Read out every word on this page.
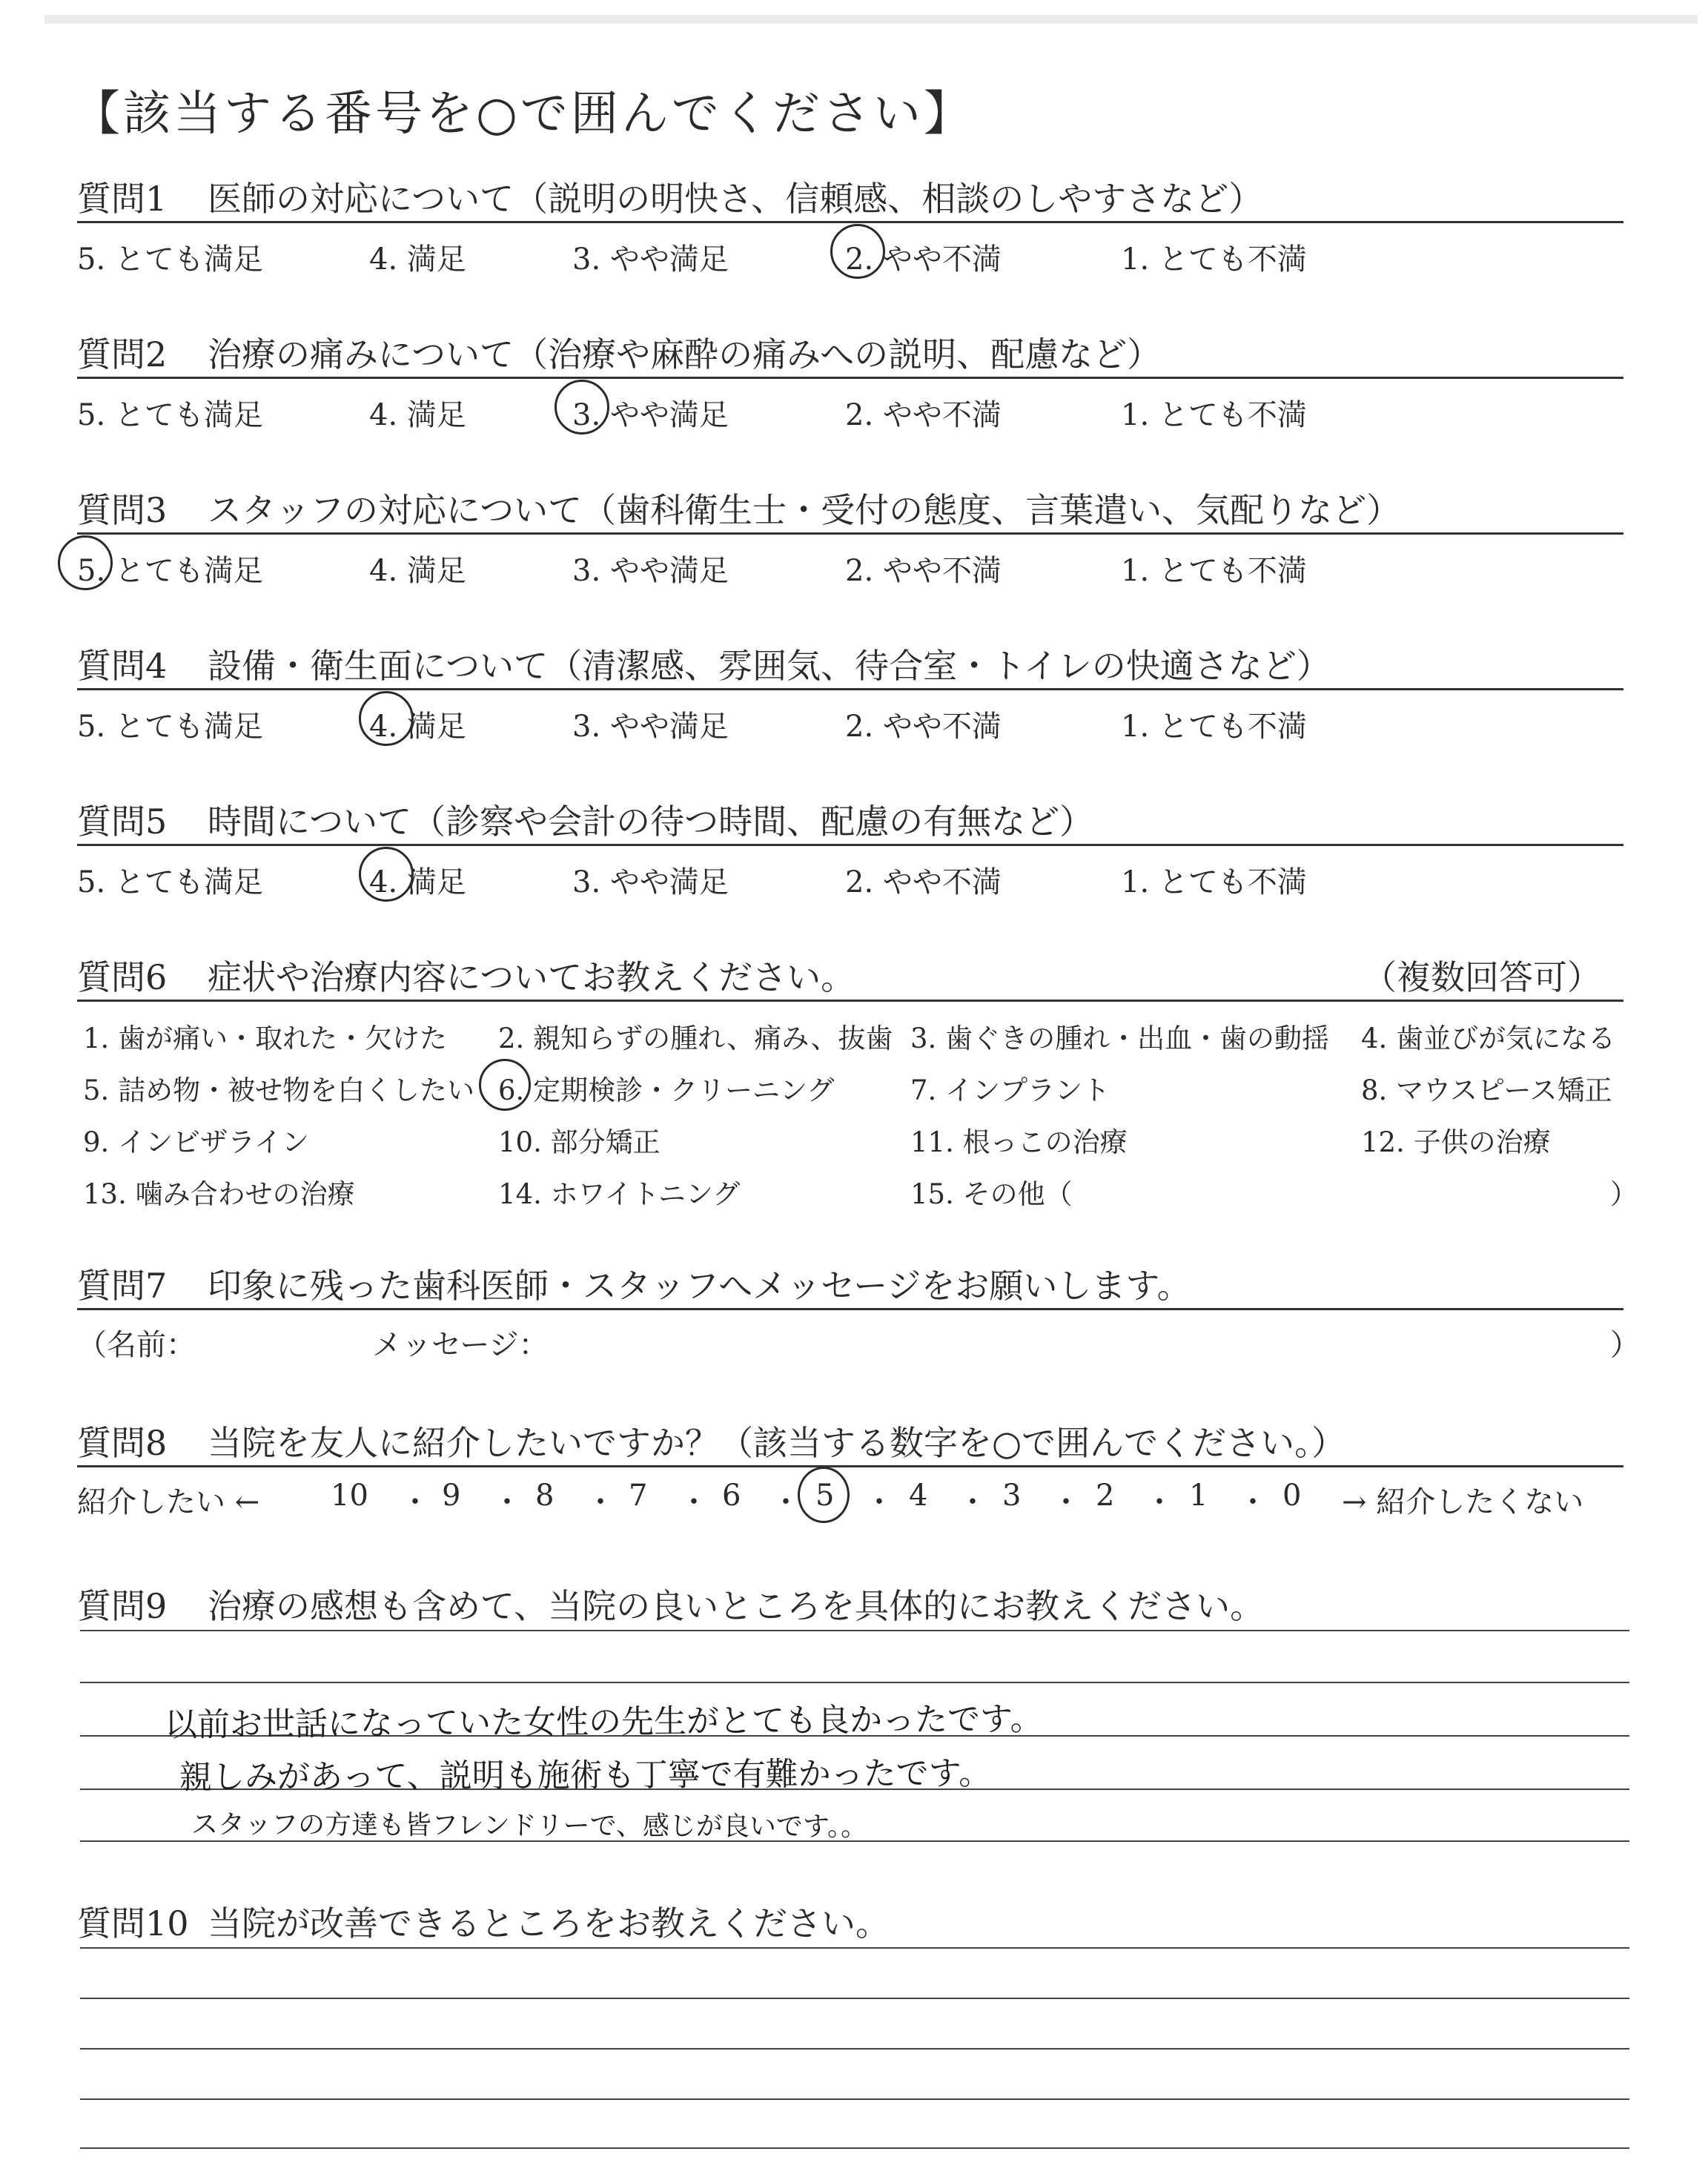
【該当する番号を○で囲んでください】
質問1 医師の対応について（説明の明快さ、信頼感、相談のしやすさなど）
5. とても満足	4. 満足	3. やや満足	2. やや不満	1. とても不満
質問2 治療の痛みについて（治療や麻酔の痛みへの説明、配慮など）
5. とても満足	4. 満足	3. やや満足	2. やや不満	1. とても不満
質問3 スタッフの対応について（歯科衛生士・受付の態度、言葉遣い、気配りなど）
5. とても満足	4. 満足	3. やや満足	2. やや不満	1. とても不満
質問4 設備・衛生面について（清潔感、雰囲気、待合室・トイレの快適さなど）
5. とても満足	4. 満足	3. やや満足	2. やや不満	1. とても不満
質問5 時間について（診察や会計の待つ時間、配慮の有無など）
5. とても満足	4. 満足	3. やや満足	2. やや不満	1. とても不満
質問6 症状や治療内容についてお教えください。	（複数回答可）
1. 歯が痛い・取れた・欠けた 2. 親知らずの腫れ、痛み、抜歯 3. 歯ぐきの腫れ・出血・歯の動揺 4. 歯並びが気になる
5. 詰め物・被せ物を白くしたい 6. 定期検診・クリーニング	7. インプラント	8. マウスピース矯正
9. インビザライン	10. 部分矯正	11. 根っこの治療	12. 子供の治療
13. 噛み合わせの治療	14. ホワイトニング	15. その他（	）
質問7 印象に残った歯科医師・スタッフへメッセージをお願いします。
（名前：	メッセージ：	）
質問8 当院を友人に紹介したいですか？（該当する数字を○で囲んでください。）
紹介したい ←	→ 紹介したくない
10 ・ 9 ・ 8 ・ 7 ・ 6 ・ 5 ・ 4 ・ 3 ・ 2 ・ 1 ・ 0
質問9 治療の感想も含めて、当院の良いところを具体的にお教えください。
以前お世話になっていた女性の先生がとても良かったです。
親しみがあって、説明も施術も丁寧で有難かったです。
スタッフの方達も皆フレンドリーで、感じが良いです。。
質問10 当院が改善できるところをお教えください。
